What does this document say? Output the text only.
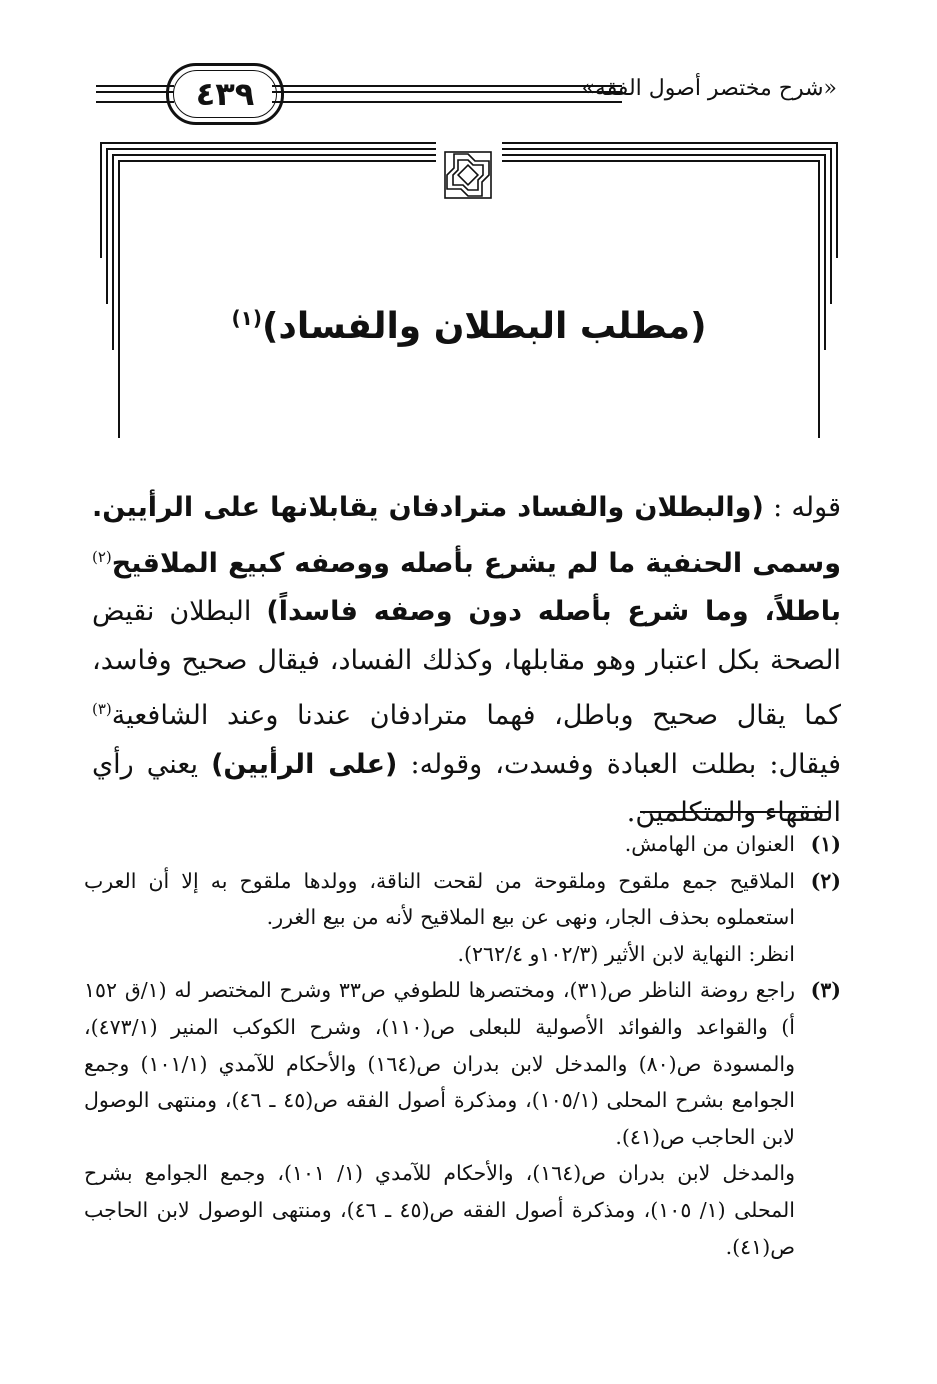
٤٣٩	«شرح مختصر أصول الفقه»
(مطلب البطلان والفساد)$^{(١)}$
قوله : (والبطلان والفساد مترادفان يقابلانها على الرأيين. وسمى الحنفية ما لم يشرع بأصله ووصفه كبيع الملاقيح$^{(٢)}$ باطلاً، وما شرع بأصله دون وصفه فاسداً) البطلان نقيض الصحة بكل اعتبار وهو مقابلها، وكذلك الفساد، فيقال صحيح وفاسد، كما يقال صحيح وباطل، فهما مترادفان عندنا وعند الشافعية$^{(٣)}$ فيقال: بطلت العبادة وفسدت، وقوله: (على الرأيين) يعني رأي الفقهاء والمتكلمين.
(١)

العنوان من الهامش.

(٢)

الملاقيح جمع ملقوح وملقوحة من لقحت الناقة، وولدها ملقوح به إلا أن العرب استعملوه بحذف الجار، ونهى عن بيع الملاقيح لأنه من بيع الغرر.

انظر: النهاية لابن الأثير (١٠٢/٣و ٢٦٢/٤).

(٣)

راجع روضة الناظر ص(٣١)، ومختصرها للطوفي ص٣٣ وشرح المختصر له (١/ق ١٥٢ أ) والقواعد والفوائد الأصولية للبعلى ص(١١٠)، وشرح الكوكب المنير (٤٧٣/١)، والمسودة ص(٨٠) والمدخل لابن بدران ص(١٦٤) والأحكام للآمدي (١٠١/١) وجمع الجوامع بشرح المحلى (١٠٥/١)، ومذكرة أصول الفقه ص(٤٥ ـ ٤٦)، ومنتهى الوصول لابن الحاجب ص(٤١).

والمدخل لابن بدران ص(١٦٤)، والأحكام للآمدي (١/ ١٠١)، وجمع الجوامع بشرح المحلى (١/ ١٠٥)، ومذكرة أصول الفقه ص(٤٥ ـ ٤٦)، ومنتهى الوصول لابن الحاجب ص(٤١).
